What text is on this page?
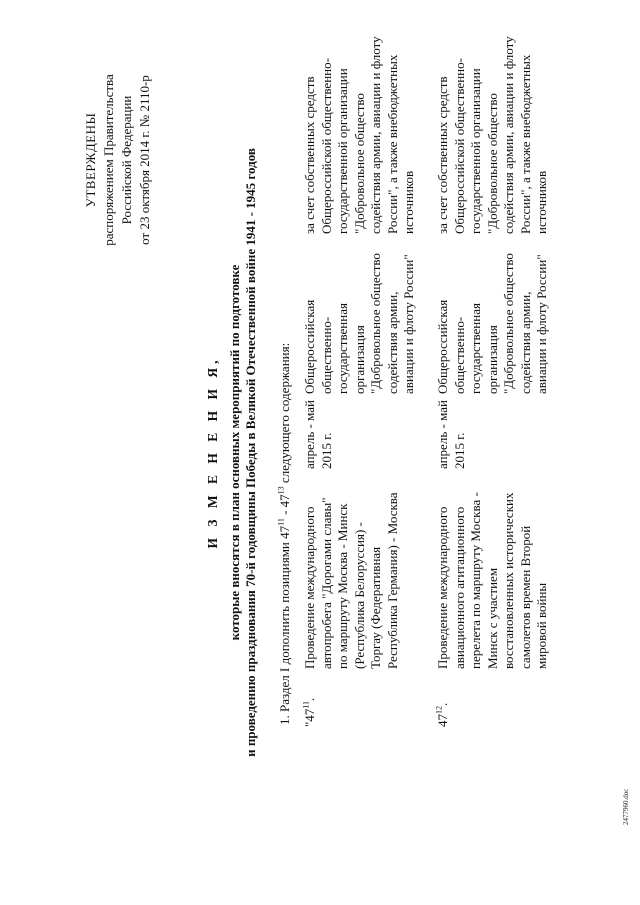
УТВЕРЖДЕНЫ распоряжением Правительства Российской Федерации от 23 октября 2014 г. № 2110-р
И З М Е Н Е Н И Я, которые вносятся в план основных мероприятий по подготовке и проведению празднования 70-й годовщины Победы в Великой Отечественной войне 1941 - 1945 годов 1. Раздел I дополнить позициями $47^{11} - 47^{13}$ следующего содержания:
"$47^{11}$.
Проведение международного автопробега "Дорогами славы" по маршруту Москва - Минск (Республика Белоруссия) - Торгау (Федеративная Республика Германия) - Москва
апрель - май 2015 г.
Общероссийская общественно- государственная организация "Добровольное общество содействия армии, авиации и флоту России"
за счет собственных средств Общероссийской общественно- государственной организации "Добровольное общество содействия армии, авиации и флоту России", а также внебюджетных источников
$47^{12}$.
Проведение международного авиационного агитационного перелета по маршруту Москва - Минск с участием восстановленных исторических самолетов времен Второй мировой войны
апрель - май 2015 г.
Общероссийская общественно- государственная организация "Добровольное общество содействия армии, авиации и флоту России"
за счет собственных средств Общероссийской общественно- государственной организации "Добровольное общество содействия армии, авиации и флоту России", а также внебюджетных источников
2477960.doc
